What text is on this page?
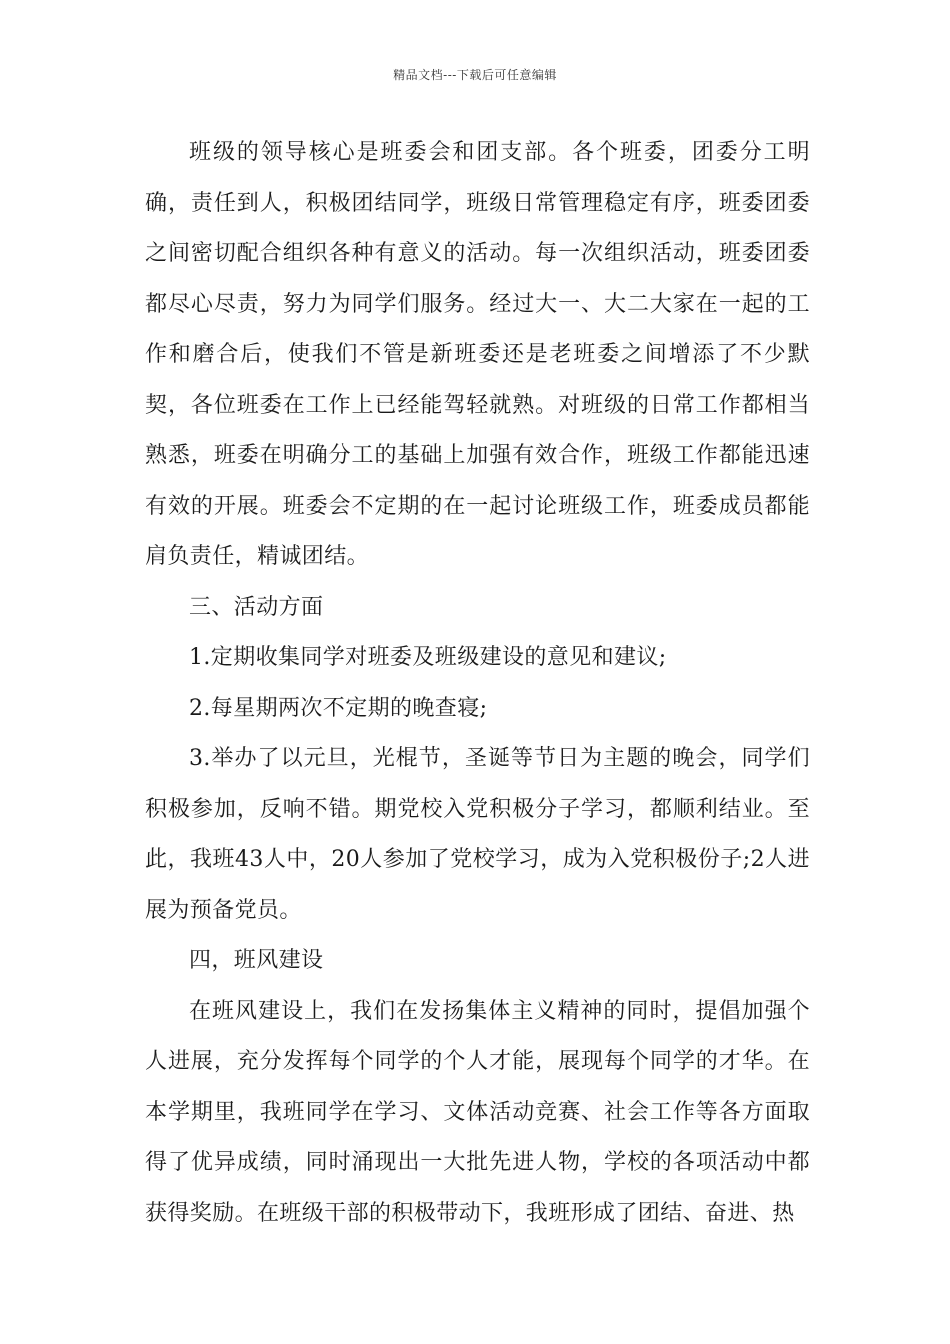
精品文档---下载后可任意编辑

班级的领导核心是班委会和团支部。各个班委，团委分工明确，责任到人，积极团结同学，班级日常管理稳定有序，班委团委之间密切配合组织各种有意义的活动。每一次组织活动，班委团委都尽心尽责，努力为同学们服务。经过大一、大二大家在一起的工作和磨合后，使我们不管是新班委还是老班委之间增添了不少默契，各位班委在工作上已经能驾轻就熟。对班级的日常工作都相当熟悉，班委在明确分工的基础上加强有效合作，班级工作都能迅速有效的开展。班委会不定期的在一起讨论班级工作，班委成员都能肩负责任，精诚团结。

三、活动方面

1.定期收集同学对班委及班级建设的意见和建议;

2.每星期两次不定期的晚查寝;

3.举办了以元旦，光棍节，圣诞等节日为主题的晚会，同学们积极参加，反响不错。期党校入党积极分子学习，都顺利结业。至此，我班43人中，20人参加了党校学习，成为入党积极份子;2人进展为预备党员。

四，班风建设

在班风建设上，我们在发扬集体主义精神的同时，提倡加强个人进展，充分发挥每个同学的个人才能，展现每个同学的才华。在本学期里，我班同学在学习、文体活动竞赛、社会工作等各方面取得了优异成绩，同时涌现出一大批先进人物，学校的各项活动中都获得奖励。在班级干部的积极带动下，我班形成了团结、奋进、热
